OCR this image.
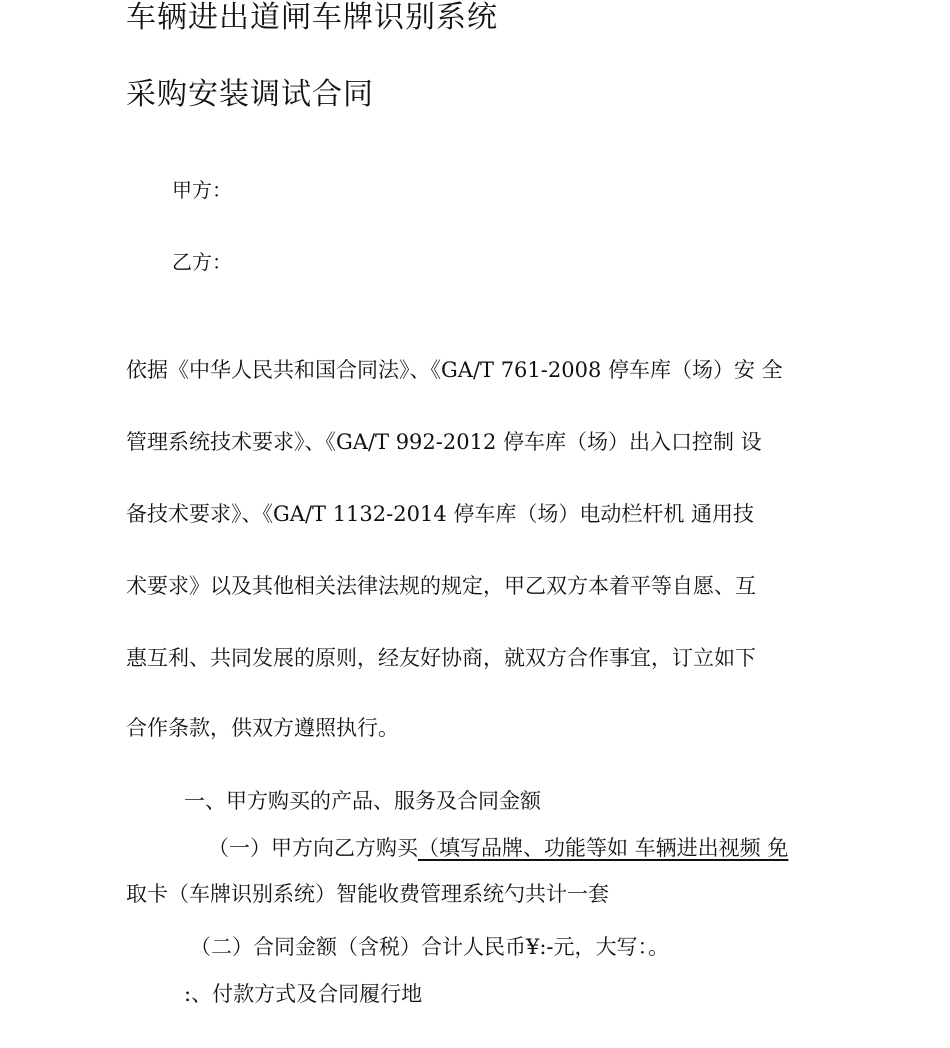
车辆进出道闸车牌识别系统
采购安装调试合同
甲方：
乙方：
依据《中华人民共和国合同法》、《GA/T 761-2008 停车库（场）安 全
管理系统技术要求》、《GA/T 992-2012 停车库（场）出入口控制 设
备技术要求》、《GA/T 1132-2014 停车库（场）电动栏杆机 通用技
术要求》以及其他相关法律法规的规定，甲乙双方本着平等自愿、互
惠互利、共同发展的原则，经友好协商，就双方合作事宜，订立如下
合作条款，供双方遵照执行。
一、甲方购买的产品、服务及合同金额
（一）甲方向乙方购买（填写品牌、功能等如 车辆进出视频 免
取卡（车牌识别系统）智能收费管理系统勺共计一套
（二）合同金额（含税）合计人民币¥:-元，大写：。
:、付款方式及合同履行地
